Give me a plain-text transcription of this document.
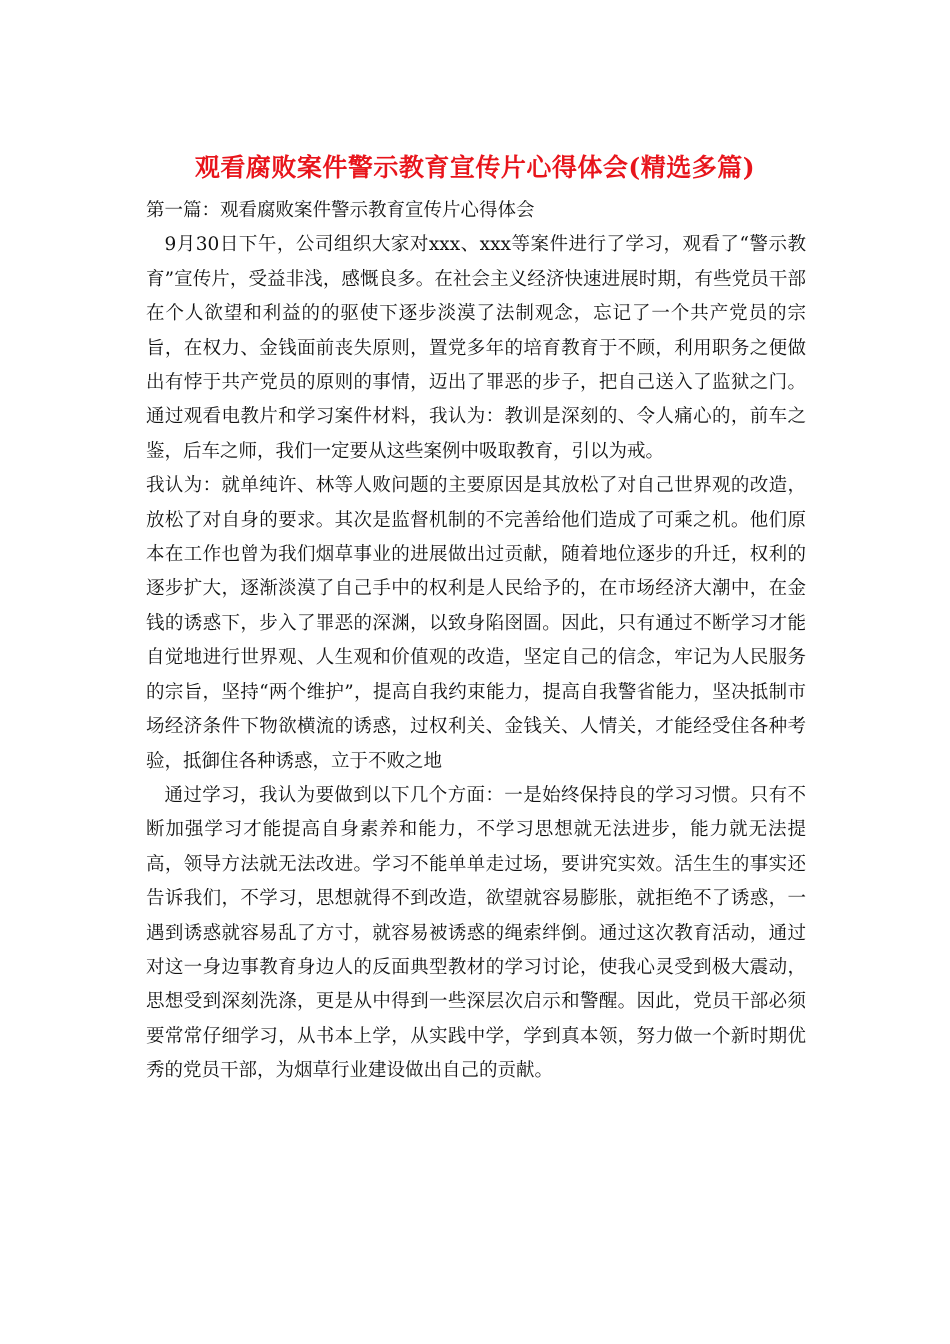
观看腐败案件警示教育宣传片心得体会(精选多篇)

第一篇：观看腐败案件警示教育宣传片心得体会

9月30日下午，公司组织大家对xxx、xxx等案件进行了学习，观看了“警示教育”宣传片，受益非浅，感慨良多。在社会主义经济快速进展时期，有些党员干部在个人欲望和利益的的驱使下逐步淡漠了法制观念，忘记了一个共产党员的宗旨，在权力、金钱面前丧失原则，置党多年的培育教育于不顾，利用职务之便做出有悖于共产党员的原则的事情，迈出了罪恶的步子，把自己送入了监狱之门。通过观看电教片和学习案件材料，我认为：教训是深刻的、令人痛心的，前车之鉴，后车之师，我们一定要从这些案例中吸取教育，引以为戒。

我认为：就单纯许、林等人败问题的主要原因是其放松了对自己世界观的改造，放松了对自身的要求。其次是监督机制的不完善给他们造成了可乘之机。他们原本在工作也曾为我们烟草事业的进展做出过贡献，随着地位逐步的升迁，权利的逐步扩大，逐渐淡漠了自己手中的权利是人民给予的，在市场经济大潮中，在金钱的诱惑下，步入了罪恶的深渊，以致身陷囹圄。因此，只有通过不断学习才能自觉地进行世界观、人生观和价值观的改造，坚定自己的信念，牢记为人民服务的宗旨，坚持“两个维护”，提高自我约束能力，提高自我警省能力，坚决抵制市场经济条件下物欲横流的诱惑，过权利关、金钱关、人情关，才能经受住各种考验，抵御住各种诱惑，立于不败之地

通过学习，我认为要做到以下几个方面：一是始终保持良的学习习惯。只有不断加强学习才能提高自身素养和能力，不学习思想就无法进步，能力就无法提高，领导方法就无法改进。学习不能单单走过场，要讲究实效。活生生的事实还告诉我们，不学习，思想就得不到改造，欲望就容易膨胀，就拒绝不了诱惑，一遇到诱惑就容易乱了方寸，就容易被诱惑的绳索绊倒。通过这次教育活动，通过对这一身边事教育身边人的反面典型教材的学习讨论，使我心灵受到极大震动，思想受到深刻洗涤，更是从中得到一些深层次启示和警醒。因此，党员干部必须要常常仔细学习，从书本上学，从实践中学，学到真本领，努力做一个新时期优秀的党员干部，为烟草行业建设做出自己的贡献。
